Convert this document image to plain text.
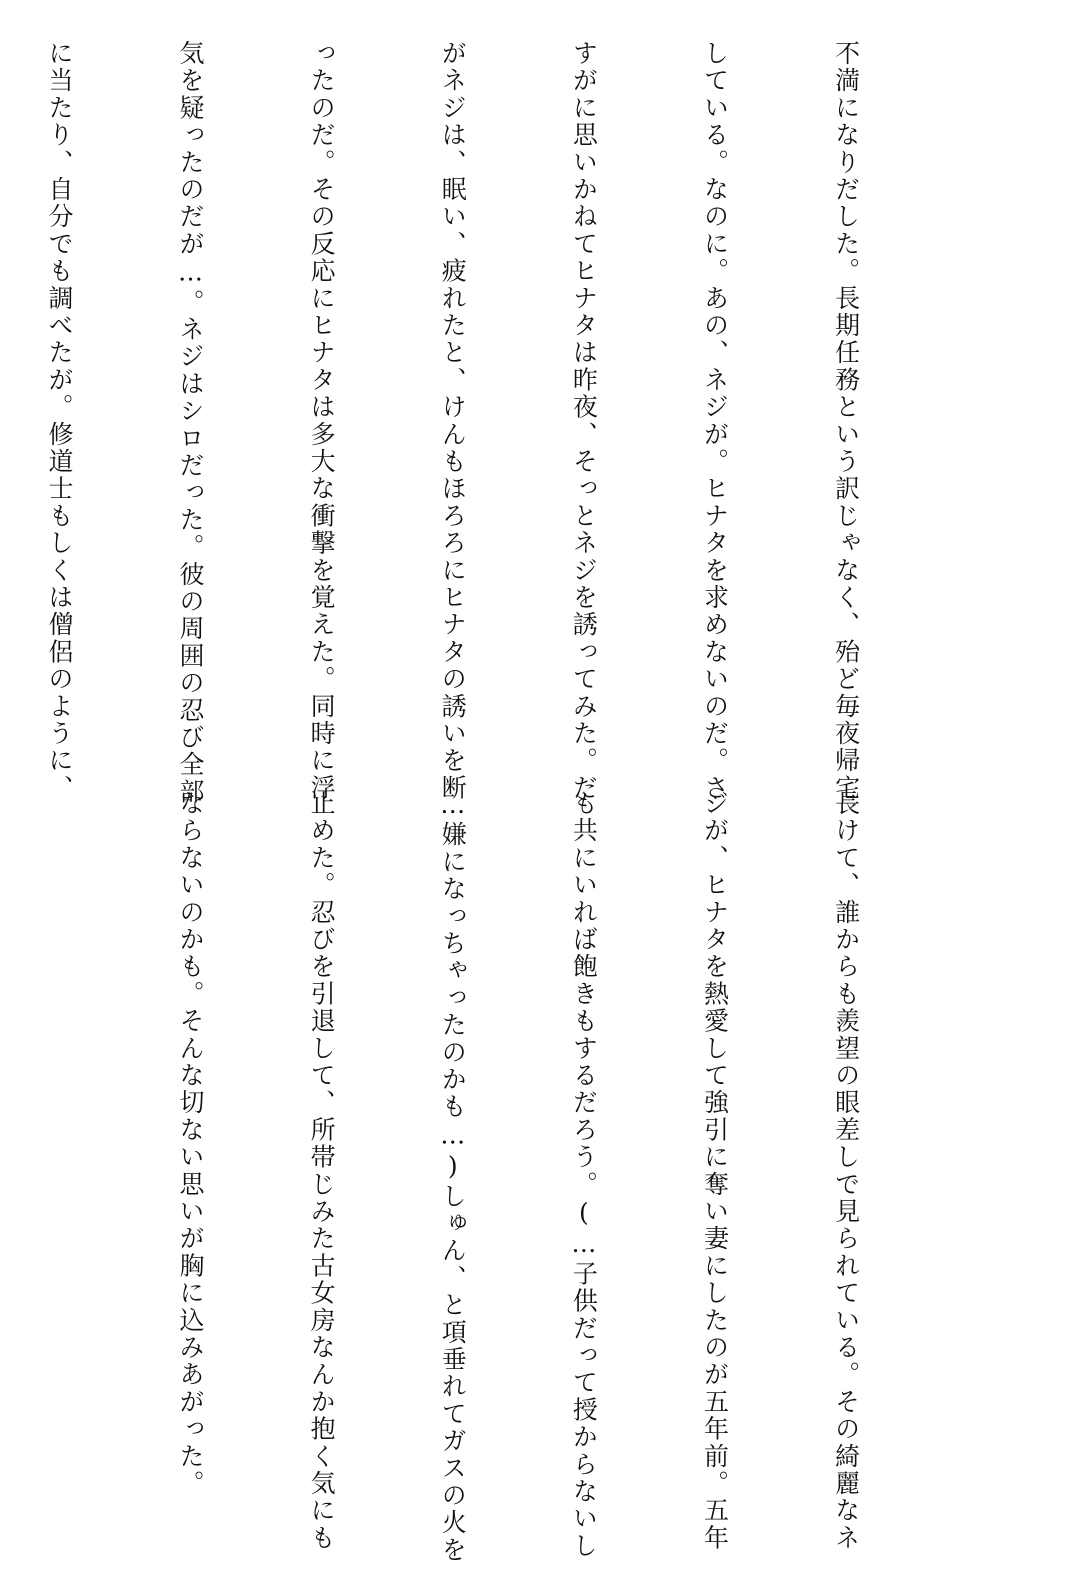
不満になりだした。長期任務という訳じゃなく、殆ど毎夜帰宅

している。なのに。あの、ネジが。ヒナタを求めないのだ。さ

すがに思いかねてヒナタは昨夜、そっとネジを誘ってみた。だ

がネジは、眠い、疲れたと、けんもほろろにヒナタの誘いを断

ったのだ。その反応にヒナタは多大な衝撃を覚えた。同時に浮

気を疑ったのだが…。ネジはシロだった。彼の周囲の忍び全部

に当たり、自分でも調べたが。修道士もしくは僧侶のように、

長けて、誰からも羨望の眼差しで見られている。その綺麗なネ

ジが、ヒナタを熱愛して強引に奪い妻にしたのが五年前。五年

も共にいれば飽きもするだろう。(…子供だって授からないし

…嫌になっちゃったのかも…)しゅん、と項垂れてガスの火を

止めた。忍びを引退して、所帯じみた古女房なんか抱く気にも

ならないのかも。そんな切ない思いが胸に込みあがった。
